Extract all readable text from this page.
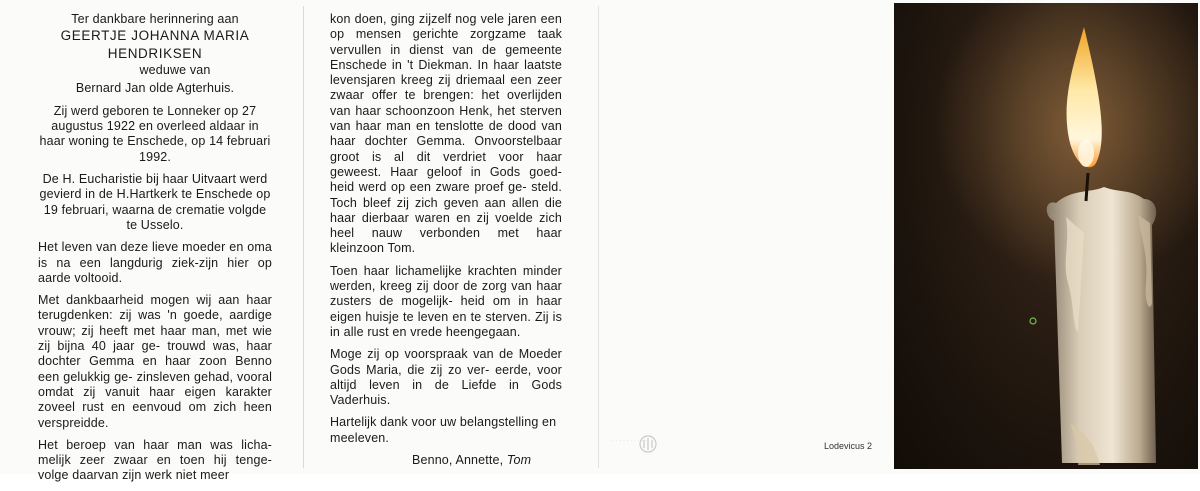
Ter dankbare herinnering aan
GEERTJE JOHANNA MARIA
HENDRIKSEN
weduwe van
Bernard Jan olde Agterhuis.

Zij werd geboren te Lonneker op 27 augustus 1922 en overleed aldaar in haar woning te Enschede, op 14 februari 1992.

De H. Eucharistie bij haar Uitvaart werd gevierd in de H.Hartkerk te Enschede op 19 februari, waarna de crematie volgde te Usselo.

Het leven van deze lieve moeder en oma is na een langdurig ziek-zijn hier op aarde voltooid.

Met dankbaarheid mogen wij aan haar terugdenken: zij was 'n goede, aardige vrouw; zij heeft met haar man, met wie zij bijna 40 jaar ge- trouwd was, haar dochter Gemma en haar zoon Benno een gelukkig ge- zinsleven gehad, vooral omdat zij vanuit haar eigen karakter zoveel rust en eenvoud om zich heen verspreidde.

Het beroep van haar man was licha- melijk zeer zwaar en toen hij tenge- volge daarvan zijn werk niet meer

kon doen, ging zijzelf nog vele jaren een op mensen gerichte zorgzame taak vervullen in dienst van de gemeente Enschede in 't Diekman. In haar laatste levensjaren kreeg zij driemaal een zeer zwaar offer te brengen: het overlijden van haar schoonzoon Henk, het sterven van haar man en tenslotte de dood van haar dochter Gemma. Onvoorstelbaar groot is al dit verdriet voor haar geweest. Haar geloof in Gods goed- heid werd op een zware proef ge- steld. Toch bleef zij zich geven aan allen die haar dierbaar waren en zij voelde zich heel nauw verbonden met haar kleinzoon Tom.

Toen haar lichamelijke krachten minder werden, kreeg zij door de zorg van haar zusters de mogelijk- heid om in haar eigen huisje te leven en te sterven. Zij is in alle rust en vrede heengegaan.

Moge zij op voorspraak van de Moeder Gods Maria, die zij zo ver- eerde, voor altijd leven in de Liefde in Gods Vaderhuis.

Hartelijk dank voor uw belangstelling en meeleven.

Benno, Annette, Tom
· · · · · · · · · ·	Lodevicus 2
